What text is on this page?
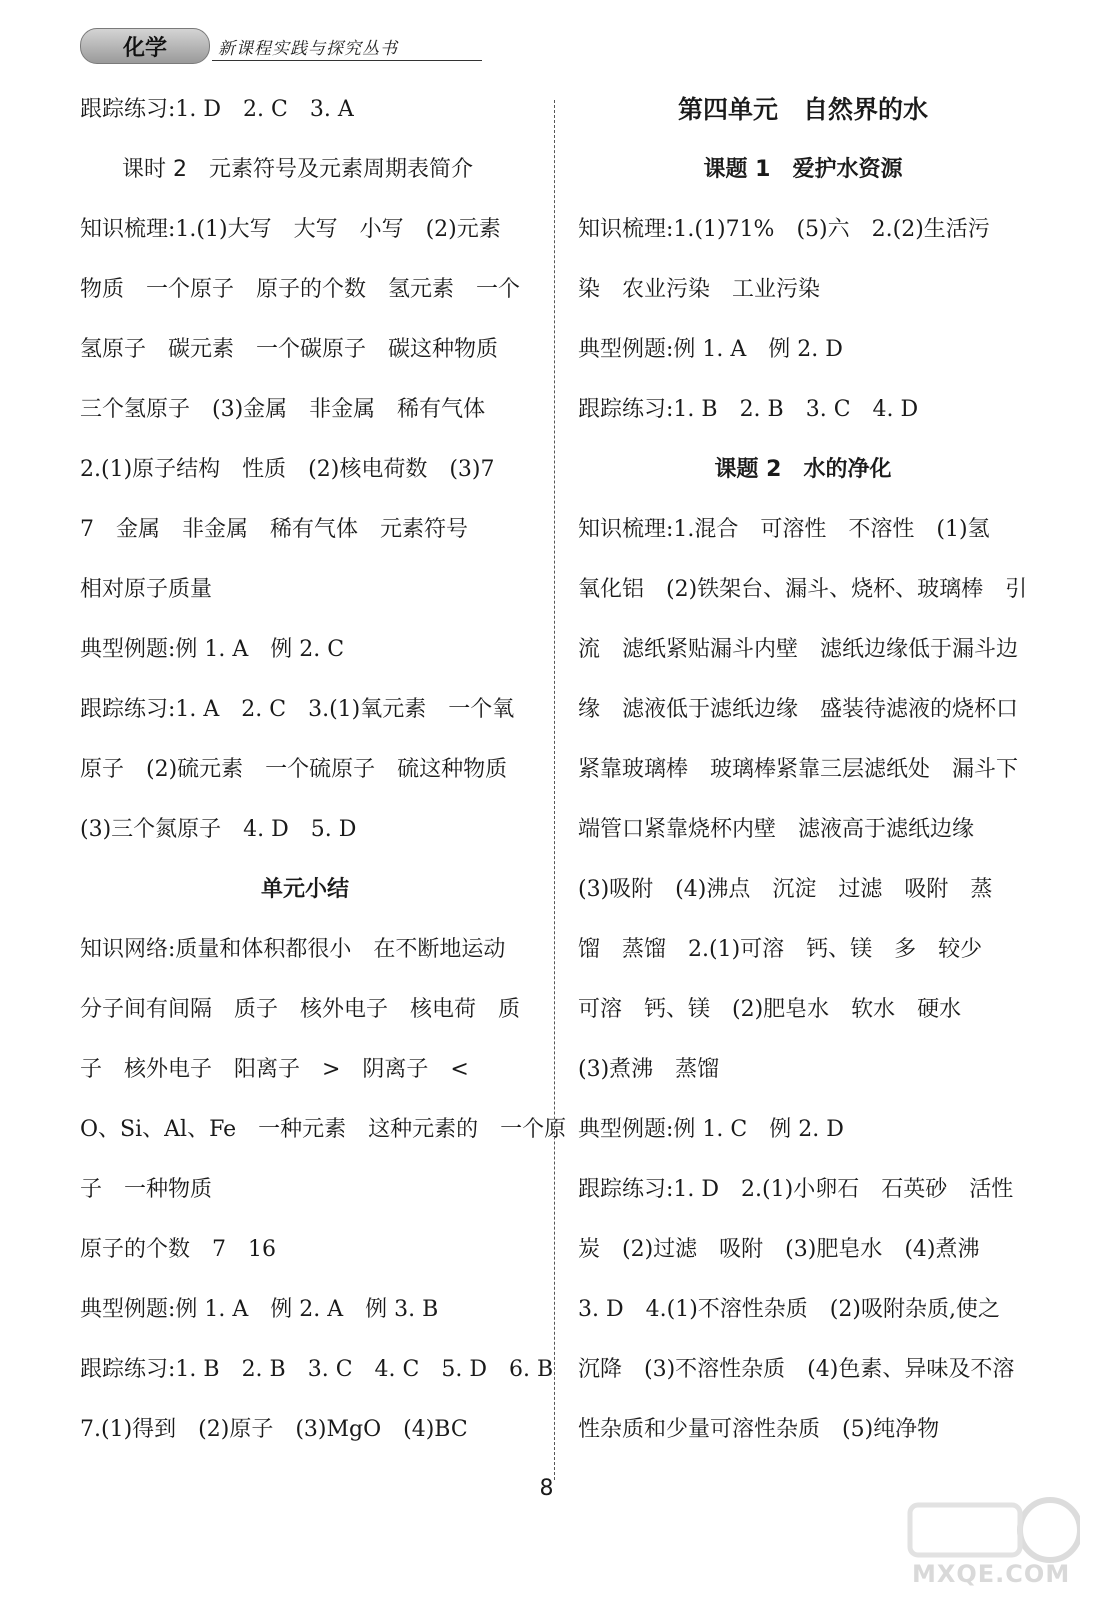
化学	新课程实践与探究丛书
跟踪练习:1. D　2. C　3. A
课时 2　元素符号及元素周期表简介
知识梳理:1.(1)大写　大写　小写　(2)元素
物质　一个原子　原子的个数　氢元素　一个
氢原子　碳元素　一个碳原子　碳这种物质
三个氢原子　(3)金属　非金属　稀有气体
2.(1)原子结构　性质　(2)核电荷数　(3)7
7　金属　非金属　稀有气体　元素符号
相对原子质量
典型例题:例 1. A　例 2. C
跟踪练习:1. A　2. C　3.(1)氧元素　一个氧
原子　(2)硫元素　一个硫原子　硫这种物质
(3)三个氮原子　4. D　5. D
单元小结
知识网络:质量和体积都很小　在不断地运动
分子间有间隔　质子　核外电子　核电荷　质
子　核外电子　阳离子　>　阴离子　<
O、Si、Al、Fe　一种元素　这种元素的　一个原
子　一种物质
原子的个数　7　16
典型例题:例 1. A　例 2. A　例 3. B
跟踪练习:1. B　2. B　3. C　4. C　5. D　6. B
7.(1)得到　(2)原子　(3)MgO　(4)BC
第四单元　自然界的水
课题 1　爱护水资源
知识梳理:1.(1)71%　(5)六　2.(2)生活污
染　农业污染　工业污染
典型例题:例 1. A　例 2. D
跟踪练习:1. B　2. B　3. C　4. D
课题 2　水的净化
知识梳理:1.混合　可溶性　不溶性　(1)氢
氧化铝　(2)铁架台、漏斗、烧杯、玻璃棒　引
流　滤纸紧贴漏斗内壁　滤纸边缘低于漏斗边
缘　滤液低于滤纸边缘　盛装待滤液的烧杯口
紧靠玻璃棒　玻璃棒紧靠三层滤纸处　漏斗下
端管口紧靠烧杯内壁　滤液高于滤纸边缘
(3)吸附　(4)沸点　沉淀　过滤　吸附　蒸
馏　蒸馏　2.(1)可溶　钙、镁　多　较少
可溶　钙、镁　(2)肥皂水　软水　硬水
(3)煮沸　蒸馏
典型例题:例 1. C　例 2. D
跟踪练习:1. D　2.(1)小卵石　石英砂　活性
炭　(2)过滤　吸附　(3)肥皂水　(4)煮沸
3. D　4.(1)不溶性杂质　(2)吸附杂质,使之
沉降　(3)不溶性杂质　(4)色素、异味及不溶
性杂质和少量可溶性杂质　(5)纯净物
8
MXQE.COM
